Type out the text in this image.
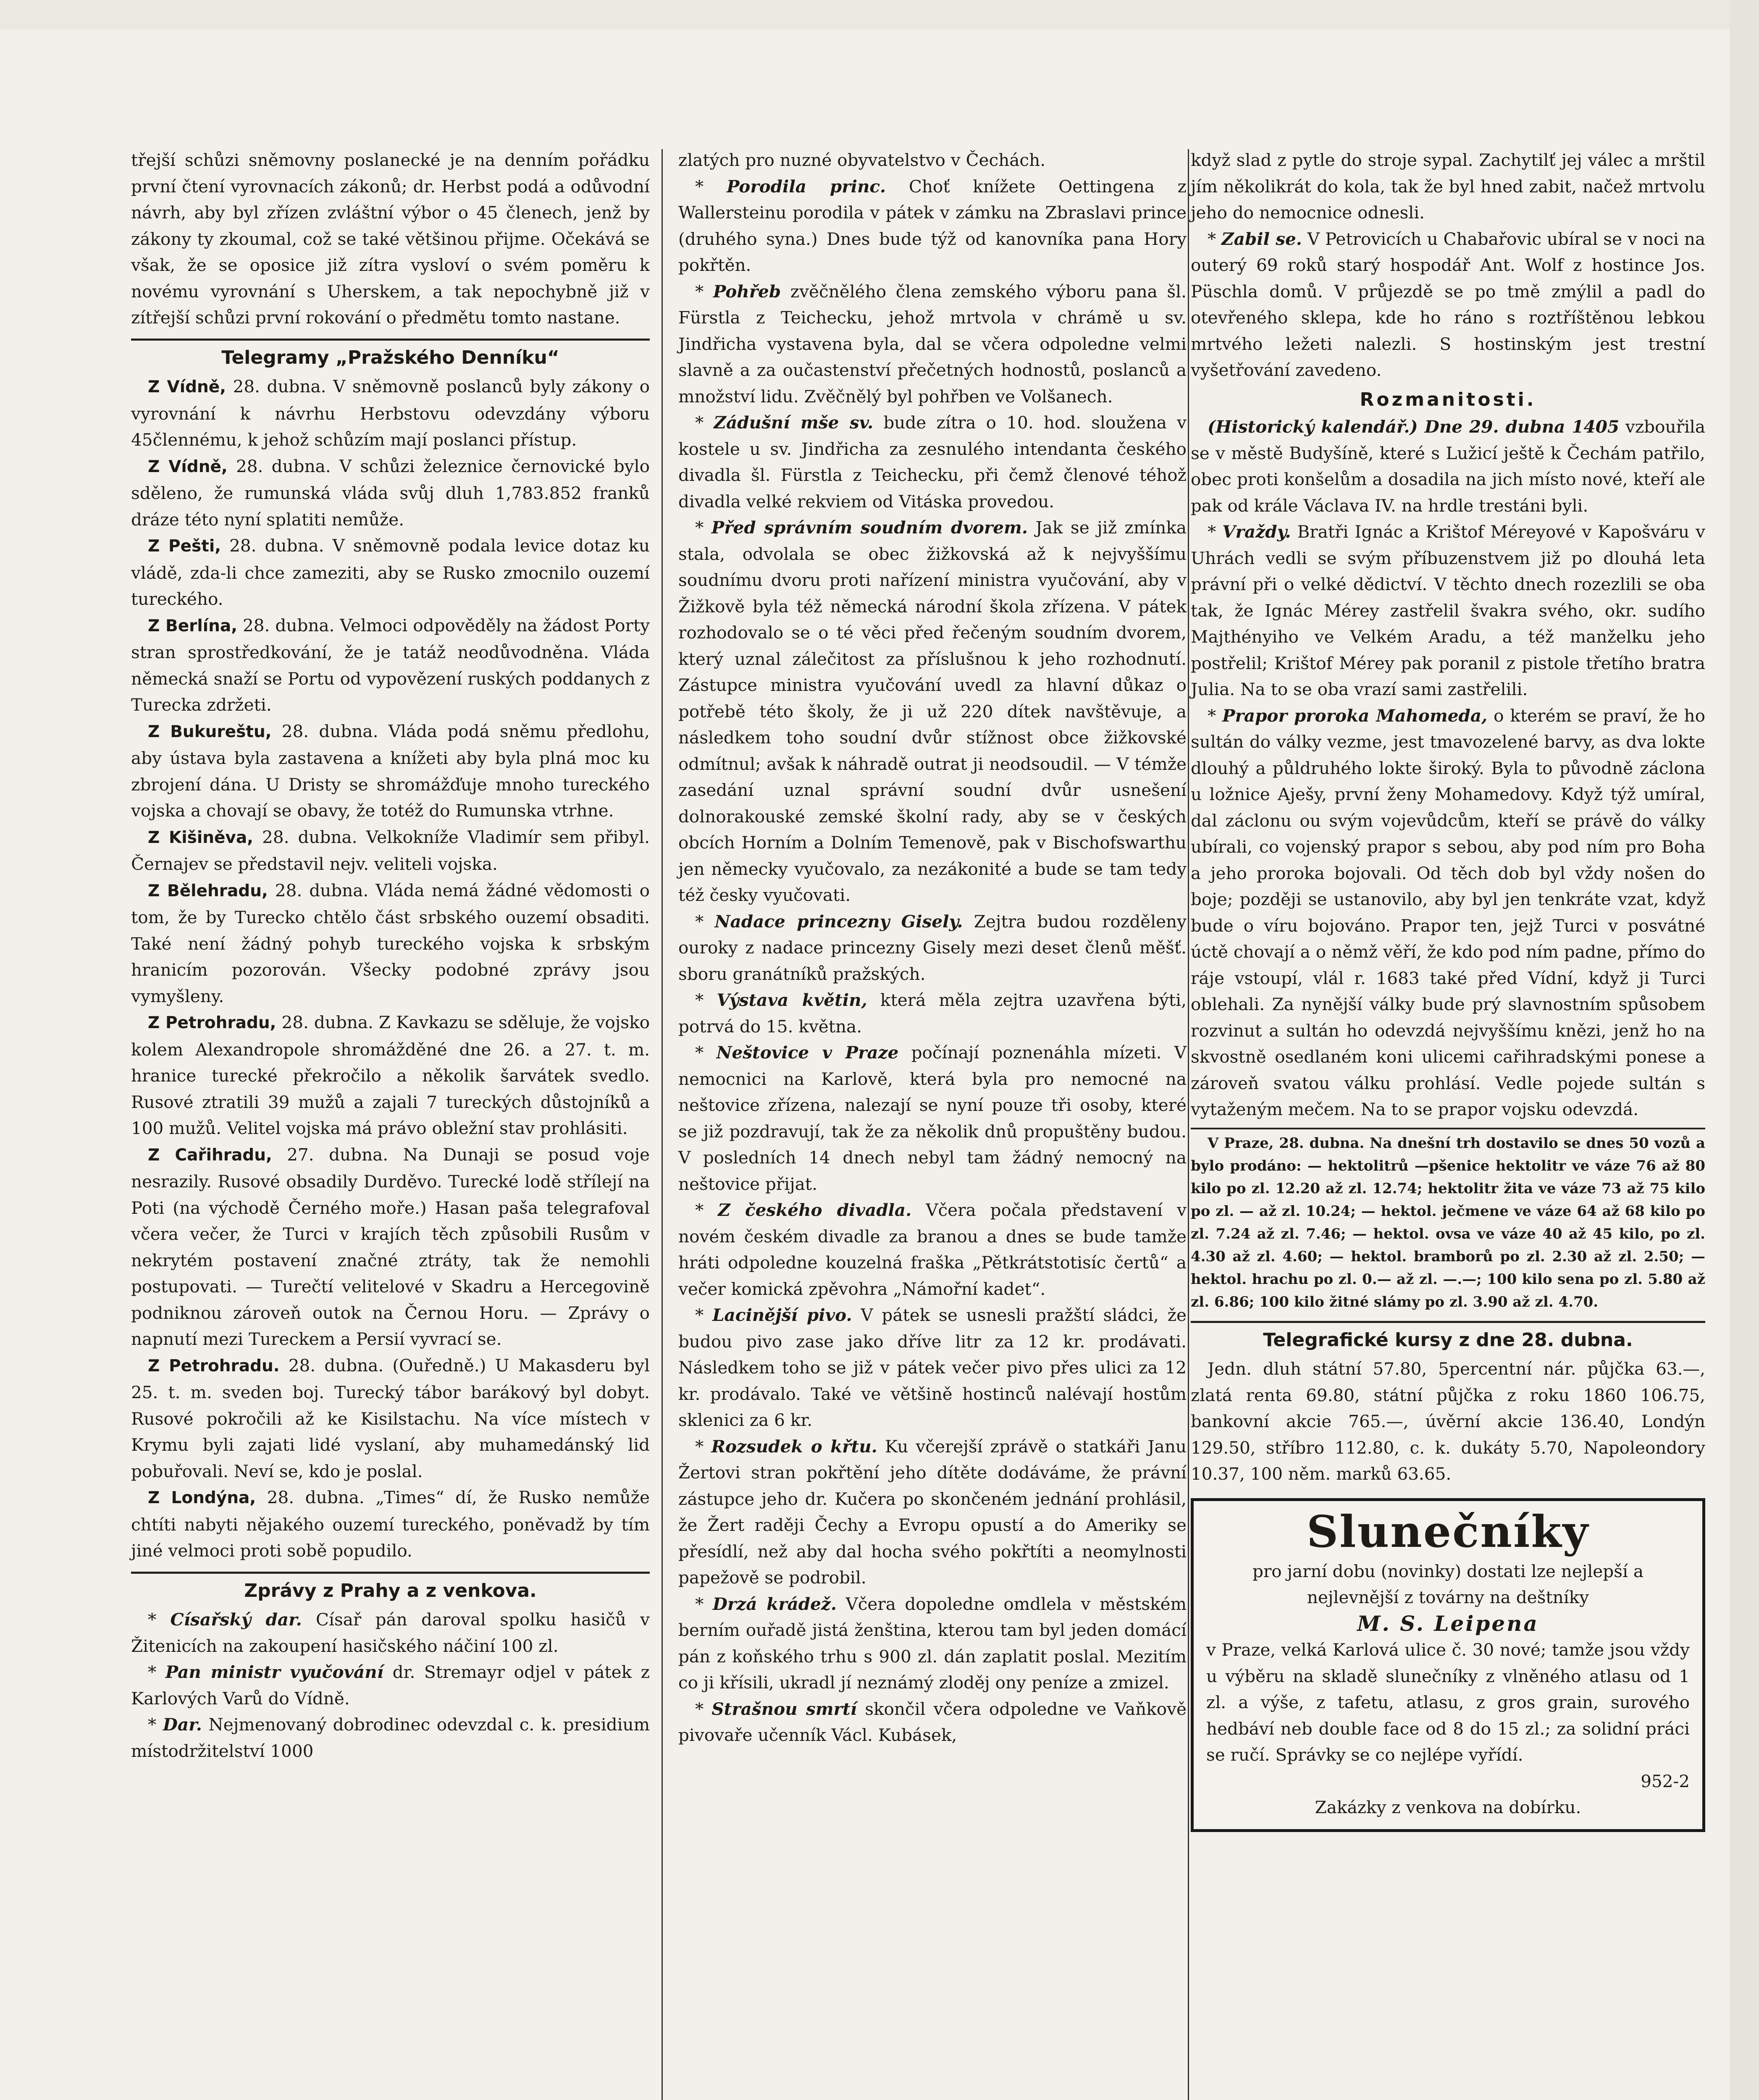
třejší schůzi sněmovny poslanecké je na denním pořádku první čtení vyrovnacích zákonů; dr. Herbst podá a odůvodní návrh, aby byl zřízen zvláštní výbor o 45 členech, jenž by zákony ty zkoumal, což se také většinou přijme. Očekává se však, že se oposice již zítra vysloví o svém poměru k novému vyrovnání s Uherskem, a tak nepochybně již v zítřejší schůzi první rokování o předmětu tomto nastane.

Telegramy „Pražského Denníku“

Z Vídně, 28. dubna. V sněmovně poslanců byly zákony o vyrovnání k návrhu Herbstovu odevzdány výboru 45člennému, k jehož schůzím mají poslanci přístup.

Z Vídně, 28. dubna. V schůzi železnice černovické bylo sděleno, že rumunská vláda svůj dluh 1,783.852 franků dráze této nyní splatiti nemůže.

Z Pešti, 28. dubna. V sněmovně podala levice dotaz ku vládě, zda-li chce zameziti, aby se Rusko zmocnilo ouzemí tureckého.

Z Berlína, 28. dubna. Velmoci odpověděly na žádost Porty stran sprostředkování, že je tatáž neodůvodněna. Vláda německá snaží se Portu od vypovězení ruských poddanych z Turecka zdržeti.

Z Bukureštu, 28. dubna. Vláda podá sněmu předlohu, aby ústava byla zastavena a knížeti aby byla plná moc ku zbrojení dána. U Dristy se shromážďuje mnoho tureckého vojska a chovají se obavy, že totéž do Rumunska vtrhne.

Z Kišiněva, 28. dubna. Velkokníže Vladimír sem přibyl. Černajev se představil nejv. veliteli vojska.

Z Bělehradu, 28. dubna. Vláda nemá žádné vědomosti o tom, že by Turecko chtělo část srbského ouzemí obsaditi. Také není žádný pohyb tureckého vojska k srbským hranicím pozorován. Všecky podobné zprávy jsou vymyšleny.

Z Petrohradu, 28. dubna. Z Kavkazu se sděluje, že vojsko kolem Alexandropole shromážděné dne 26. a 27. t. m. hranice turecké překročilo a několik šarvátek svedlo. Rusové ztratili 39 mužů a zajali 7 tureckých důstojníků a 100 mužů. Velitel vojska má právo obležní stav prohlásiti.

Z Cařihradu, 27. dubna. Na Dunaji se posud voje nesrazily. Rusové obsadily Durděvo. Turecké lodě střílejí na Poti (na východě Černého moře.) Hasan paša telegrafoval včera večer, že Turci v krajích těch způsobili Rusům v nekrytém postavení značné ztráty, tak že nemohli postupovati. — Turečtí velitelové v Skadru a Hercegovině podniknou zároveň outok na Černou Horu. — Zprávy o napnutí mezi Tureckem a Persií vyvrací se.

Z Petrohradu. 28. dubna. (Ouředně.) U Makasderu byl 25. t. m. sveden boj. Turecký tábor barákový byl dobyt. Rusové pokročili až ke Kisilstachu. Na více místech v Krymu byli zajati lidé vyslaní, aby muhamedánský lid pobuřovali. Neví se, kdo je poslal.

Z Londýna, 28. dubna. „Times“ dí, že Rusko nemůže chtíti nabyti nějakého ouzemí tureckého, poněvadž by tím jiné velmoci proti sobě popudilo.

Zprávy z Prahy a z venkova.

* Císařský dar. Císař pán daroval spolku hasičů v Žitenicích na zakoupení hasičského náčiní 100 zl.

* Pan ministr vyučování dr. Stremayr odjel v pátek z Karlových Varů do Vídně.

* Dar. Nejmenovaný dobrodinec odevzdal c. k. presidium místodržitelství 1000

zlatých pro nuzné obyvatelstvo v Čechách.

* Porodila princ. Choť knížete Oettingena z Wallersteinu porodila v pátek v zámku na Zbraslavi prince (druhého syna.) Dnes bude týž od kanovníka pana Hory pokřtěn.

* Pohřeb zvěčnělého člena zemského výboru pana šl. Fürstla z Teichecku, jehož mrtvola v chrámě u sv. Jindřicha vystavena byla, dal se včera odpoledne velmi slavně a za oučastenství přečetných hodnostů, poslanců a množství lidu. Zvěčnělý byl pohřben ve Volšanech.

* Zádušní mše sv. bude zítra o 10. hod. sloužena v kostele u sv. Jindřicha za zesnulého intendanta českého divadla šl. Fürstla z Teichecku, při čemž členové téhož divadla velké rekviem od Vitáska provedou.

* Před správním soudním dvorem. Jak se již zmínka stala, odvolala se obec žižkovská až k nejvyššímu soudnímu dvoru proti nařízení ministra vyučování, aby v Žižkově byla též německá národní škola zřízena. V pátek rozhodovalo se o té věci před řečeným soudním dvorem, který uznal zálečitost za příslušnou k jeho rozhodnutí. Zástupce ministra vyučování uvedl za hlavní důkaz o potřebě této školy, že ji už 220 dítek navštěvuje, a následkem toho soudní dvůr stížnost obce žižkovské odmítnul; avšak k náhradě outrat ji neodsoudil. — V témže zasedání uznal správní soudní dvůr usnešení dolnorakouské zemské školní rady, aby se v českých obcích Horním a Dolním Temenově, pak v Bischofswarthu jen německy vyučovalo, za nezákonité a bude se tam tedy též česky vyučovati.

* Nadace princezny Gisely. Zejtra budou rozděleny ouroky z nadace princezny Gisely mezi deset členů měšť. sboru granátníků pražských.

* Výstava květin, která měla zejtra uzavřena býti, potrvá do 15. května.

* Neštovice v Praze počínají poznenáhla mízeti. V nemocnici na Karlově, která byla pro nemocné na neštovice zřízena, nalezají se nyní pouze tři osoby, které se již pozdravují, tak že za několik dnů propuštěny budou. V posledních 14 dnech nebyl tam žádný nemocný na neštovice přijat.

* Z českého divadla. Včera počala představení v novém českém divadle za branou a dnes se bude tamže hráti odpoledne kouzelná fraška „Pětkrátstotisíc čertů“ a večer komická zpěvohra „Námořní kadet“.

* Lacinější pivo. V pátek se usnesli pražští sládci, že budou pivo zase jako dříve litr za 12 kr. prodávati. Následkem toho se již v pátek večer pivo přes ulici za 12 kr. prodávalo. Také ve většině hostinců nalévají hostům sklenici za 6 kr.

* Rozsudek o křtu. Ku včerejší zprávě o statkáři Janu Žertovi stran pokřtění jeho dítěte dodáváme, že právní zástupce jeho dr. Kučera po skončeném jednání prohlásil, že Žert raději Čechy a Evropu opustí a do Ameriky se přesídlí, než aby dal hocha svého pokřtíti a neomylnosti papežově se podrobil.

* Drzá krádež. Včera dopoledne omdlela v městském berním ouřadě jistá ženština, kterou tam byl jeden domácí pán z koňského trhu s 900 zl. dán zaplatit poslal. Mezitím co ji křísili, ukradl jí neznámý zloděj ony peníze a zmizel.

* Strašnou smrtí skončil včera odpoledne ve Vaňkově pivovaře učenník Václ. Kubásek,

když slad z pytle do stroje sypal. Zachytilť jej válec a mrštil jím několikrát do kola, tak že byl hned zabit, načež mrtvolu jeho do nemocnice odnesli.

* Zabil se. V Petrovicích u Chabařovic ubíral se v noci na outerý 69 roků starý hospodář Ant. Wolf z hostince Jos. Püschla domů. V průjezdě se po tmě zmýlil a padl do otevřeného sklepa, kde ho ráno s roztříštěnou lebkou mrtvého ležeti nalezli. S hostinským jest trestní vyšetřování zavedeno.

Rozmanitosti.

(Historický kalendář.) Dne 29. dubna 1405 vzbouřila se v městě Budyšíně, které s Lužicí ještě k Čechám patřilo, obec proti konšelům a dosadila na jich místo nové, kteří ale pak od krále Václava IV. na hrdle trestáni byli.

* Vraždy. Bratři Ignác a Krištof Méreyové v Kapošváru v Uhrách vedli se svým příbuzenstvem již po dlouhá leta právní při o velké dědictví. V těchto dnech rozezlili se oba tak, že Ignác Mérey zastřelil švakra svého, okr. sudího Majthényiho ve Velkém Aradu, a též manželku jeho postřelil; Krištof Mérey pak poranil z pistole třetího bratra Julia. Na to se oba vrazí sami zastřelili.

* Prapor proroka Mahomeda, o kterém se praví, že ho sultán do války vezme, jest tmavozelené barvy, as dva lokte dlouhý a půldruhého lokte široký. Byla to původně záclona u ložnice Aješy, první ženy Mohamedovy. Když týž umíral, dal záclonu ou svým vojevůdcům, kteří se právě do války ubírali, co vojenský prapor s sebou, aby pod ním pro Boha a jeho proroka bojovali. Od těch dob byl vždy nošen do boje; později se ustanovilo, aby byl jen tenkráte vzat, když bude o víru bojováno. Prapor ten, jejž Turci v posvátné úctě chovají a o němž věří, že kdo pod ním padne, přímo do ráje vstoupí, vlál r. 1683 také před Vídní, když ji Turci oblehali. Za nynější války bude prý slavnostním spůsobem rozvinut a sultán ho odevzdá nejvyššímu knězi, jenž ho na skvostně osedlaném koni ulicemi cařihradskými ponese a zároveň svatou válku prohlásí. Vedle pojede sultán s vytaženým mečem. Na to se prapor vojsku odevzdá.

V Praze, 28. dubna. Na dnešní trh dostavilo se dnes 50 vozů a bylo prodáno: — hektolitrů —pšenice hektolitr ve váze 76 až 80 kilo po zl. 12.20 až zl. 12.74; hektolitr žita ve váze 73 až 75 kilo po zl. — až zl. 10.24; — hektol. ječmene ve váze 64 až 68 kilo po zl. 7.24 až zl. 7.46; — hektol. ovsa ve váze 40 až 45 kilo, po zl. 4.30 až zl. 4.60; — hektol. bramborů po zl. 2.30 až zl. 2.50; — hektol. hrachu po zl. 0.— až zl. —.—; 100 kilo sena po zl. 5.80 až zl. 6.86; 100 kilo žitné slámy po zl. 3.90 až zl. 4.70.

Telegrafické kursy z dne 28. dubna.

Jedn. dluh státní 57.80, 5percentní nár. půjčka 63.—, zlatá renta 69.80, státní půjčka z roku 1860 106.75, bankovní akcie 765.—, úvěrní akcie 136.40, Londýn 129.50, stříbro 112.80, c. k. dukáty 5.70, Napoleondory 10.37, 100 něm. marků 63.65.

Slunečníky

pro jarní dobu (novinky) dostati lze nejlepší a nejlevnější z továrny na deštníky

M. S. Leipena

v Praze, velká Karlová ulice č. 30 nové; tamže jsou vždy u výběru na skladě slunečníky z vlněného atlasu od 1 zl. a výše, z tafetu, atlasu, z gros grain, surového hedbáví neb double face od 8 do 15 zl.; za solidní práci se ručí. Správky se co nejlépe vyřídí.

952-2

Zakázky z venkova na dobírku.
